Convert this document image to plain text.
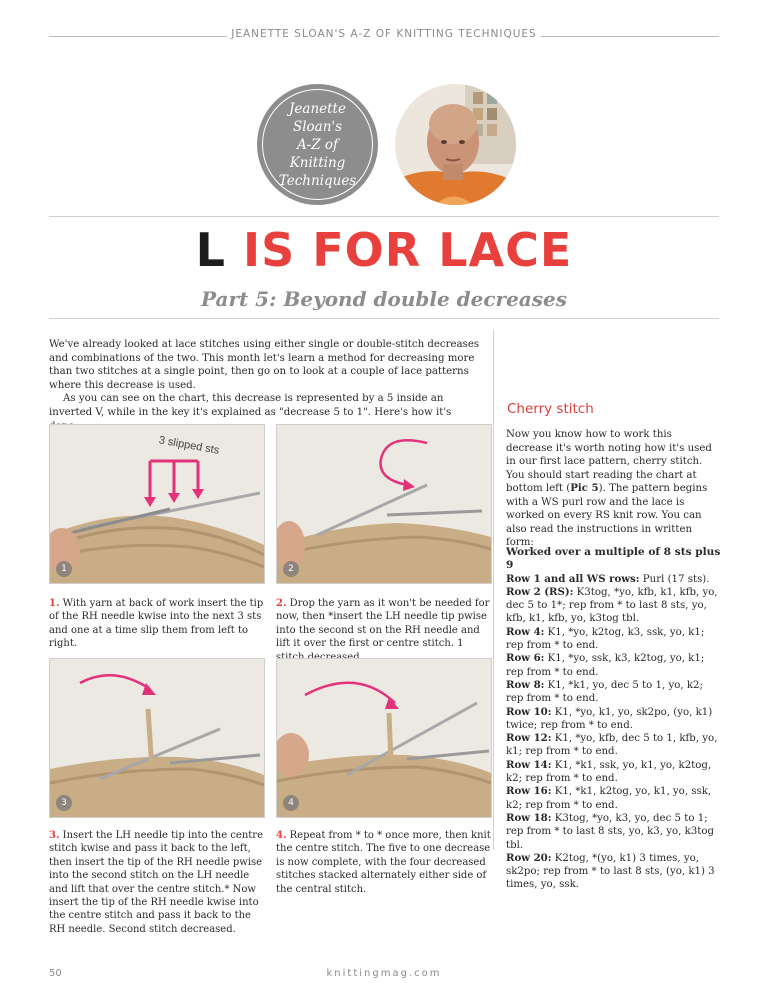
JEANETTE SLOAN'S A-Z OF KNITTING TECHNIQUES
Jeanette
Sloan's
A-Z of Knitting
Techniques
L IS FOR LACE
Part 5: Beyond double decreases

We've already looked at lace stitches using either single or double-stitch decreases and combinations of the two. This month let's learn a method for decreasing more than two stitches at a single point, then go on to look at a couple of lace patterns where this decrease is used.

As you can see on the chart, this decrease is represented by a 5 inside an inverted V, while in the key it's explained as "decrease 5 to 1". Here's how it's

3 slipped sts
1	2
1. With yarn at back of work insert the tip of the RH needle kwise into the next 3 sts and one at a time slip them from left to right.
2. Drop the yarn as it won't be needed for now, then *insert the LH needle tip pwise into the second st on the RH needle and lift it over the first or centre stitch. 1
3	4
3. Insert the LH needle tip into the centre stitch kwise and pass it back to the left, then insert the tip of the RH needle pwise into the second stitch on the LH needle and lift that over the centre stitch.* Now insert the tip of the RH needle kwise into the centre stitch and pass it back to the RH needle. Second stitch decreased.
4. Repeat from * to * once more, then knit the centre stitch. The five to one decrease is now complete, with the four decreased stitches stacked alternately either side of the central stitch.
Cherry stitch
Now you know how to work this decrease it's worth noting how it's used in our first lace pattern, cherry stitch. You should start reading the chart at bottom left (Pic 5). The pattern begins with a WS purl row and the lace is worked on every RS knit row. You can also read the instructions in written form:

Worked over a multiple of 8 sts plus 9

Row 1 and all WS rows: Purl (17 sts).

Row 2 (RS): K3tog, *yo, kfb, k1, kfb, yo, dec 5 to 1*; rep from * to last 8 sts, yo, kfb, k1, kfb, yo, k3tog tbl.

Row 4: K1, *yo, k2tog, k3, ssk, yo, k1; rep from * to end.

Row 6: K1, *yo, ssk, k3, k2tog, yo, k1; rep from * to end.

Row 8: K1, *k1, yo, dec 5 to 1, yo, k2; rep from * to end.

Row 10: K1, *yo, k1, yo, sk2po, (yo, k1) twice; rep from * to end.

Row 12: K1, *yo, kfb, dec 5 to 1, kfb, yo, k1; rep from * to end.

Row 14: K1, *k1, ssk, yo, k1, yo, k2tog, k2; rep from * to end.

Row 16: K1, *k1, k2tog, yo, k1, yo, ssk, k2; rep from * to end.

Row 18: K3tog, *yo, k3, yo, dec 5 to 1; rep from * to last 8 sts, yo, k3, yo, k3tog tbl.

Row 20: K2tog, *(yo, k1) 3 times, yo, sk2po; rep from * to last 8 sts, (yo, k1) 3 times, yo, ssk.

50	knittingmag.com
